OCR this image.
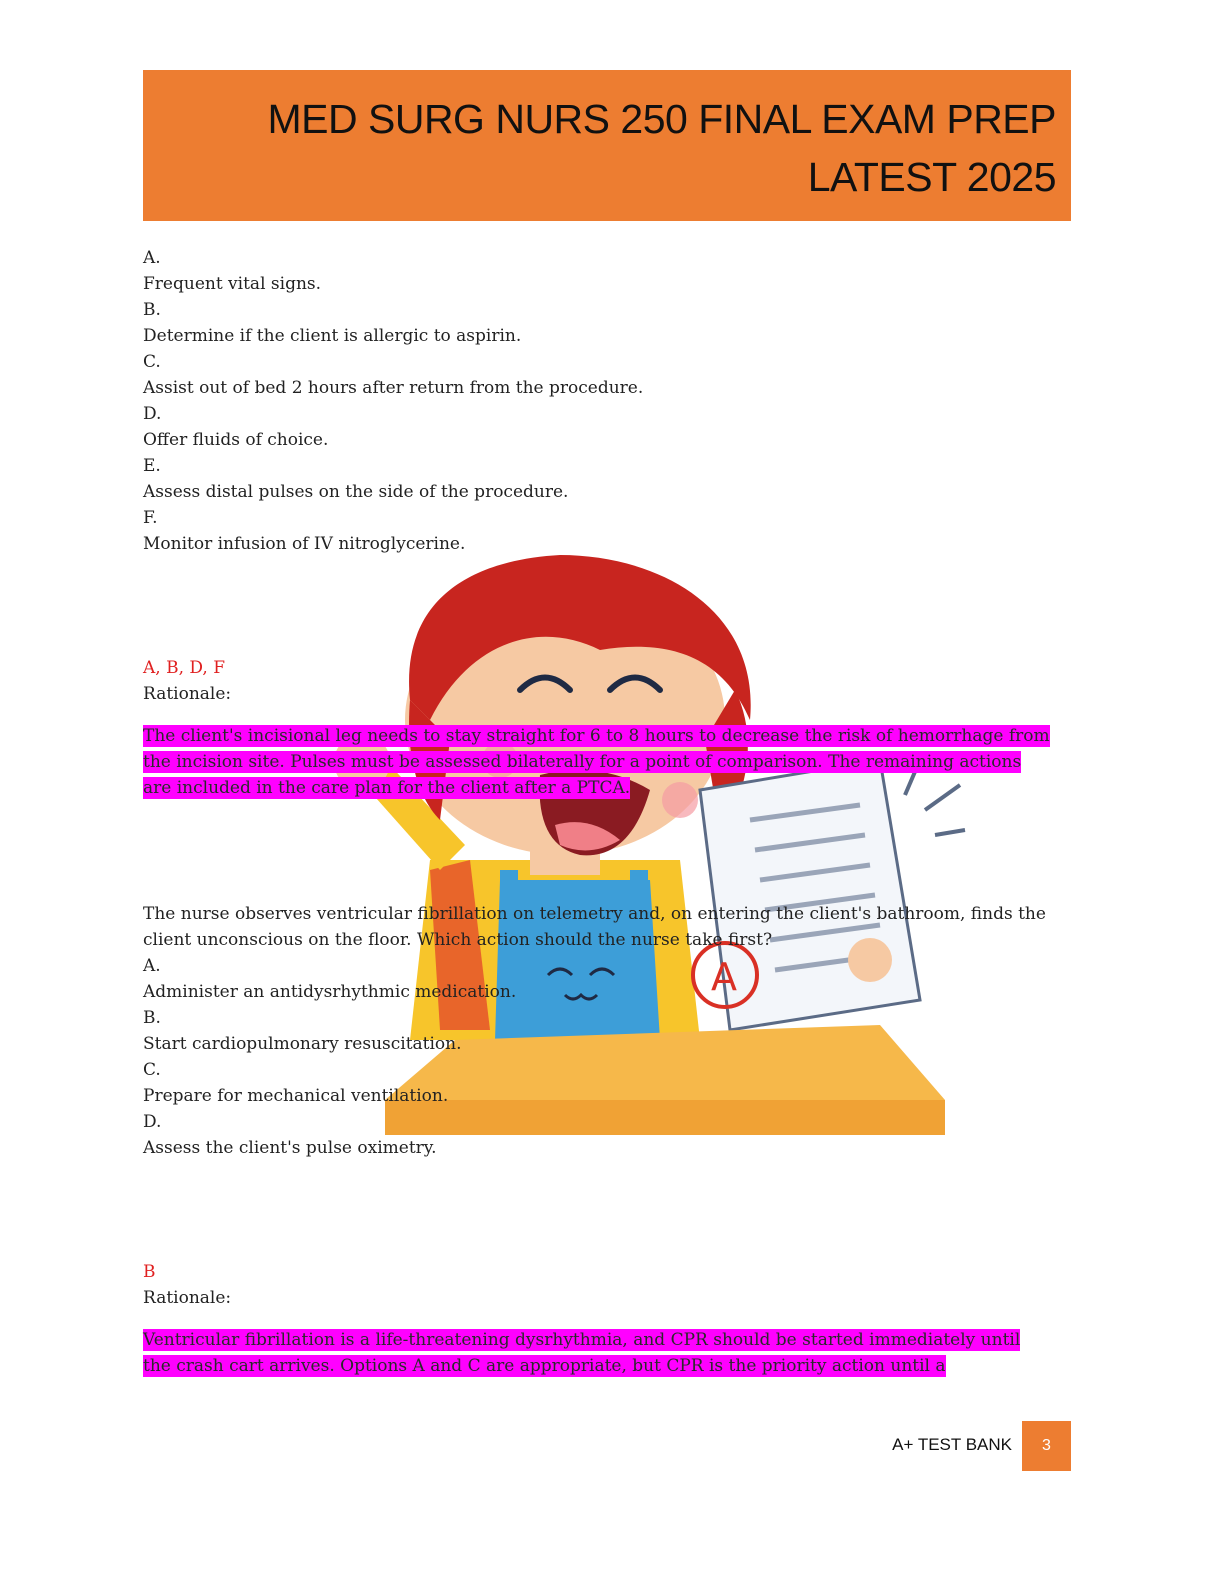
MED SURG NURS 250 FINAL EXAM PREP
LATEST 2025
A
A.
Frequent vital signs.
B.
Determine if the client is allergic to aspirin.
C.
Assist out of bed 2 hours after return from the procedure.
D.
Offer fluids of choice.
E.
Assess distal pulses on the side of the procedure.
F.
Monitor infusion of IV nitroglycerine.
A, B, D, F
Rationale:
The client's incisional leg needs to stay straight for 6 to 8 hours to decrease the risk of hemorrhage from
the incision site. Pulses must be assessed bilaterally for a point of comparison. The remaining actions
are included in the care plan for the client after a PTCA.
The nurse observes ventricular fibrillation on telemetry and, on entering the client's bathroom, finds the
client unconscious on the floor. Which action should the nurse take first?
A.
Administer an antidysrhythmic medication.
B.
Start cardiopulmonary resuscitation.
C.
Prepare for mechanical ventilation.
D.
Assess the client's pulse oximetry.
B
Rationale:
Ventricular fibrillation is a life-threatening dysrhythmia, and CPR should be started immediately until
the crash cart arrives. Options A and C are appropriate, but CPR is the priority action until a
A+ TEST BANK	3
